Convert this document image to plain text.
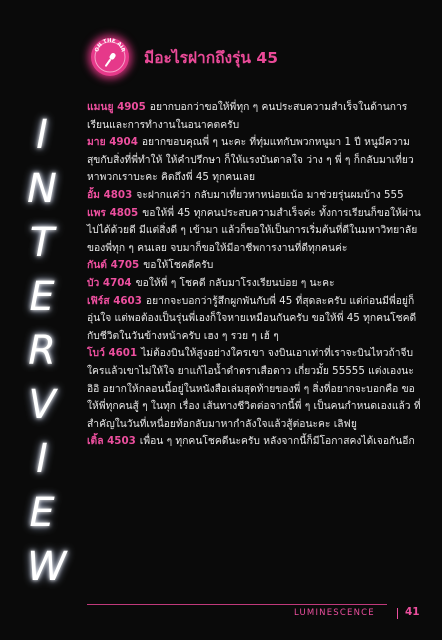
ON THE AIR มีอะไรฝากถึงรุ่น 45
I
N
T
E
R
V
I
E
W

แมนยู 4905 อยากบอกว่าขอให้พี่ทุก ๆ คนประสบความสำเร็จในด้านการเรียนและการทำงานในอนาคตครับ

มาย 4904 อยากขอบคุณพี่ ๆ นะคะ ที่ทุ่มแทกับพวกหนูมา 1 ปี หนูมีความสุขกับสิ่งที่พี่ทำให้ ให้คำปรึกษา ก็ให้แรงบันดาลใจ ว่าง ๆ พี่ ๆ ก็กลับมาเที่ยวหาพวกเราบะคะ คิดถึงพี่ 45 ทุกคนเลย

อั้ม 4803 จะฝากแค่ว่า กลับมาเที่ยวหาหน่อยเน้อ มาช่วยรุ่นผมบ้าง 555

แพร 4805 ขอให้พี่ 45 ทุกคนประสบความสำเร็จค่ะ ทั้งการเรียนก็ขอให้ผ่านไปได้ด้วยดี มีแต่สิ่งดี ๆ เข้ามา แล้วก็ขอให้เป็นการเริ่มต้นที่ดีในมหาวิทยาลัยของพี่ทุก ๆ คนเลย จบมาก็ขอให้มีอาชีพการงานที่ดีทุกคนค่ะ

กันต์ 4705 ขอให้โชคดีครับ

บัว 4704 ขอให้พี่ ๆ โชคดี กลับมาโรงเรียนบ่อย ๆ นะคะ

เฟิร์ส 4603 อยากจะบอกว่ารู้สึกผูกพันกับพี่ 45 ที่สุดละครับ แต่ก่อนมีพี่อยู่ก็อุ่นใจ แต่พอต้องเป็นรุ่นพี่เองก็ใจหายเหมือนกันครับ ขอให้พี่ 45 ทุกคนโชคดีกับชีวิตในวันข้างหน้าครับ เฮง ๆ รวย ๆ เฮ้ ๆ

โบว์ 4601 ไม่ต้องบินให้สูงอย่างใครเขา จงบินเอาเท่าที่เราจะบินไหวถ้าจีบใครแล้วเขาไม่ให้ใจ ยาแก้ไอน้ำดำตราเสือดาว เกี่ยวมั้ย 55555 แต่งเองนะ อิอิ อยากให้กลอนนี้อยู่ในหนังสือเล่มสุดท้ายของพี่ ๆ สิ่งที่อยากจะบอกคือ ขอให้พี่ทุกคนสู้ ๆ ในทุก เรื่อง เส้นทางชีวิตต่อจากนี้พี่ ๆ เป็นคนกำหนดเองแล้ว ที่สำคัญในวันที่เหนื่อยท้อกลับมาหากำลังใจแล้วสู้ต่อนะคะ เลิฟยู

เติ้ล 4503 เพื่อน ๆ ทุกคนโชคดีนะครับ หลังจากนี้ก็มีโอกาสคงได้เจอกันอีก

LUMINESCENCE	41
